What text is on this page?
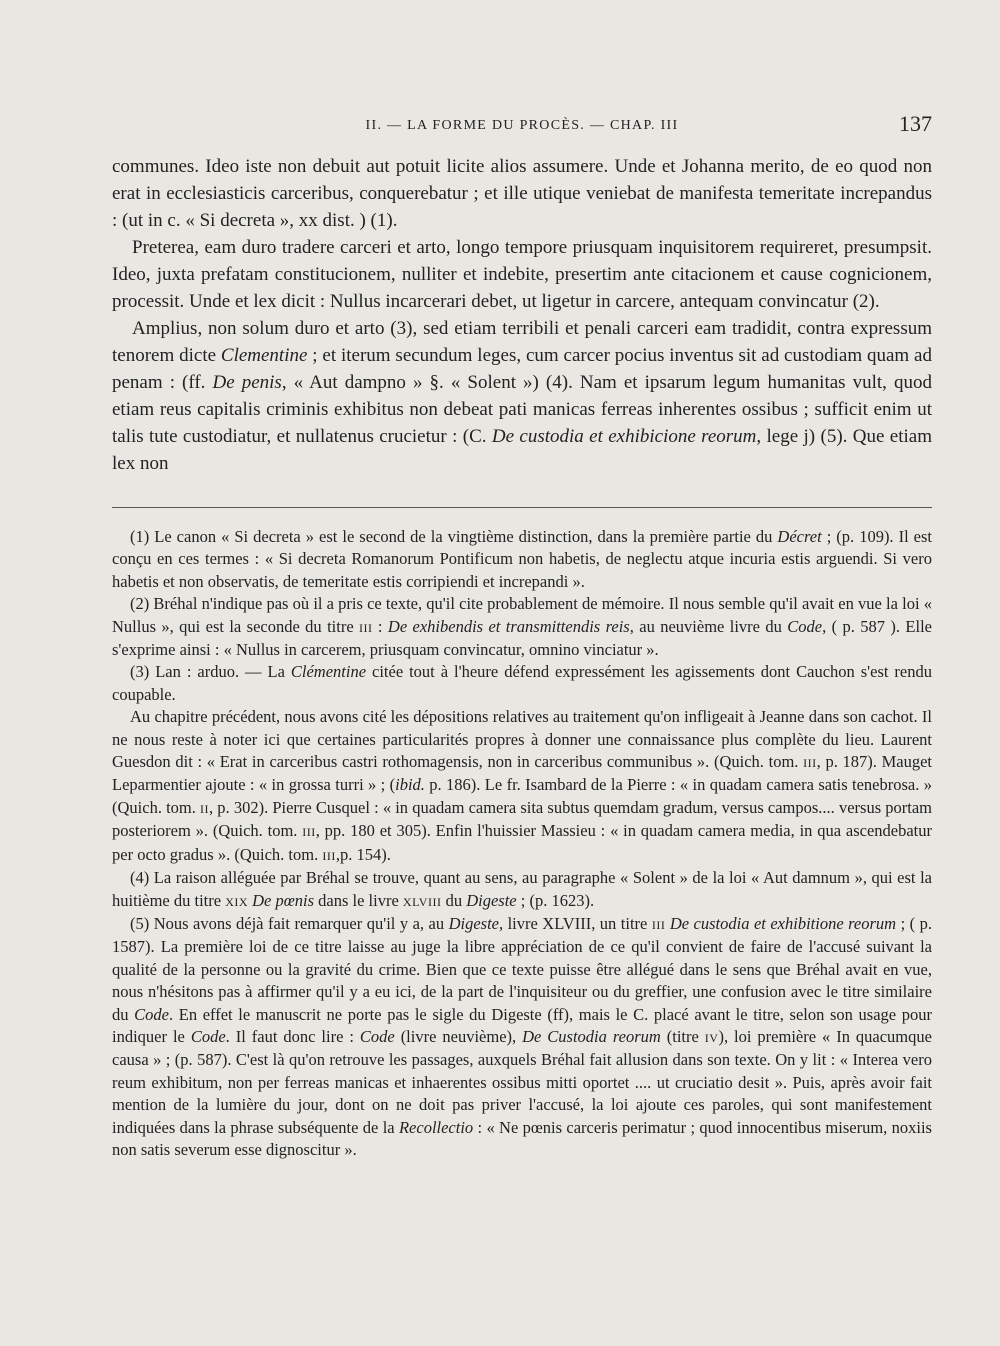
II. — LA FORME DU PROCÈS. — CHAP. III	137

communes. Ideo iste non debuit aut potuit licite alios assumere. Unde et Johanna merito, de eo quod non erat in ecclesiasticis carceribus, conquerebatur ; et ille utique veniebat de manifesta temeritate increpandus : (ut in c. « Si decreta », xx dist. ) (1).

Preterea, eam duro tradere carceri et arto, longo tempore priusquam inquisitorem requireret, presumpsit. Ideo, juxta prefatam constitucionem, nulliter et indebite, presertim ante citacionem et cause cognicionem, processit. Unde et lex dicit : Nullus incarcerari debet, ut ligetur in carcere, antequam convincatur (2).

Amplius, non solum duro et arto (3), sed etiam terribili et penali carceri eam tradidit, contra expressum tenorem dicte Clementine ; et iterum secundum leges, cum carcer pocius inventus sit ad custodiam quam ad penam : (ff. De penis, « Aut dampno » §. « Solent ») (4). Nam et ipsarum legum humanitas vult, quod etiam reus capitalis criminis exhibitus non debeat pati manicas ferreas inherentes ossibus ; sufficit enim ut talis tute custodiatur, et nullatenus crucietur : (C. De custodia et exhibicione reorum, lege j) (5). Que etiam lex non

(1) Le canon « Si decreta » est le second de la vingtième distinction, dans la première partie du Décret ; (p. 109). Il est conçu en ces termes : « Si decreta Romanorum Pontificum non habetis, de neglectu atque incuria estis arguendi. Si vero habetis et non observatis, de temeritate estis corripiendi et increpandi ».

(2) Bréhal n'indique pas où il a pris ce texte, qu'il cite probablement de mémoire. Il nous semble qu'il avait en vue la loi « Nullus », qui est la seconde du titre III : De exhibendis et transmittendis reis, au neuvième livre du Code, ( p. 587 ). Elle s'exprime ainsi : « Nullus in carcerem, priusquam convincatur, omnino vinciatur ».

(3) Lan : arduo. — La Clémentine citée tout à l'heure défend expressément les agissements dont Cauchon s'est rendu coupable.

Au chapitre précédent, nous avons cité les dépositions relatives au traitement qu'on infligeait à Jeanne dans son cachot. Il ne nous reste à noter ici que certaines particularités propres à donner une connaissance plus complète du lieu. Laurent Guesdon dit : « Erat in carceribus castri rothomagensis, non in carceribus communibus ». (Quich. tom. III, p. 187). Mauget Leparmentier ajoute : « in grossa turri » ; (ibid. p. 186). Le fr. Isambard de la Pierre : « in quadam camera satis tenebrosa. » (Quich. tom. II, p. 302). Pierre Cusquel : « in quadam camera sita subtus quemdam gradum, versus campos.... versus portam posteriorem ». (Quich. tom. III, pp. 180 et 305). Enfin l'huissier Massieu : « in quadam camera media, in qua ascendebatur per octo gradus ». (Quich. tom. III,p. 154).

(4) La raison alléguée par Bréhal se trouve, quant au sens, au paragraphe « Solent » de la loi « Aut damnum », qui est la huitième du titre XIX De pœnis dans le livre XLVIII du Digeste ; (p. 1623).

(5) Nous avons déjà fait remarquer qu'il y a, au Digeste, livre XLVIII, un titre III De custodia et exhibitione reorum ; ( p. 1587). La première loi de ce titre laisse au juge la libre appréciation de ce qu'il convient de faire de l'accusé suivant la qualité de la personne ou la gravité du crime. Bien que ce texte puisse être allégué dans le sens que Bréhal avait en vue, nous n'hésitons pas à affirmer qu'il y a eu ici, de la part de l'inquisiteur ou du greffier, une confusion avec le titre similaire du Code. En effet le manuscrit ne porte pas le sigle du Digeste (ff), mais le C. placé avant le titre, selon son usage pour indiquer le Code. Il faut donc lire : Code (livre neuvième), De Custodia reorum (titre IV), loi première « In quacumque causa » ; (p. 587). C'est là qu'on retrouve les passages, auxquels Bréhal fait allusion dans son texte. On y lit : « Interea vero reum exhibitum, non per ferreas manicas et inhaerentes ossibus mitti oportet .... ut cruciatio desit ». Puis, après avoir fait mention de la lumière du jour, dont on ne doit pas priver l'accusé, la loi ajoute ces paroles, qui sont manifestement indiquées dans la phrase subséquente de la Recollectio : « Ne pœnis carceris perimatur ; quod innocentibus miserum, noxiis non satis severum esse dignoscitur ».
